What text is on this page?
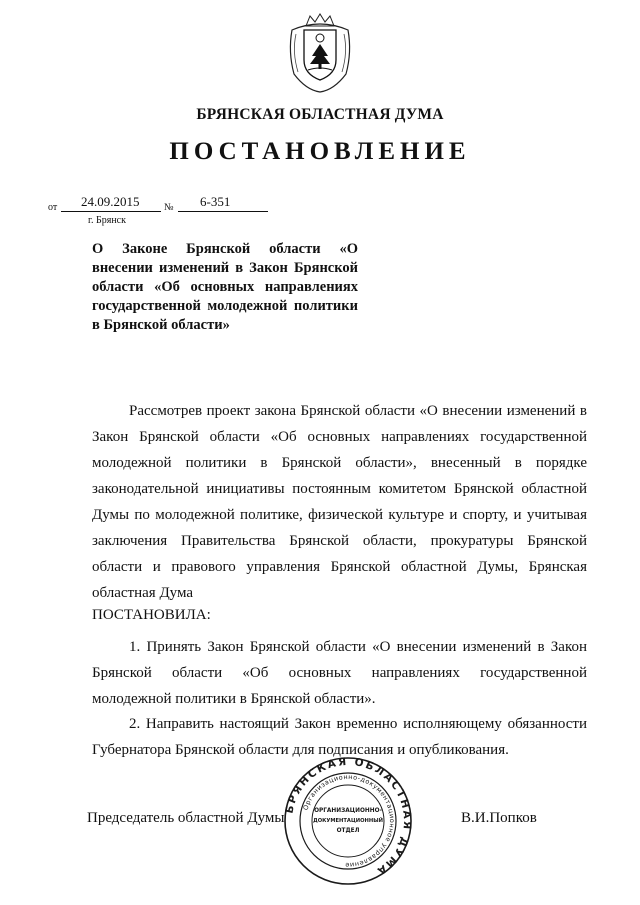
БРЯНСКАЯ ОБЛАСТНАЯ ДУМА
ПОСТАНОВЛЕНИЕ
от 24.09.2015 № 6-351
г. Брянск
О Законе Брянской области «О внесении изменений в Закон Брянской области «Об основных направлениях государственной молодежной политики в Брянской области»
Рассмотрев проект закона Брянской области «О внесении изменений в Закон Брянской области «Об основных направлениях государственной молодежной политики в Брянской области», внесенный в порядке законодательной инициативы постоянным комитетом Брянской областной Думы по молодежной политике, физической культуре и спорту, и учитывая заключения Правительства Брянской области, прокуратуры Брянской области и правового управления Брянской областной Думы, Брянская областная Дума
ПОСТАНОВИЛА:
1. Принять Закон Брянской области «О внесении изменений в Закон Брянской области «Об основных направлениях государственной молодежной политики в Брянской области».
2. Направить настоящий Закон временно исполняющему обязанности Губернатора Брянской области для подписания и опубликования.
Председатель областной Думы
БРЯНСКАЯ ОБЛАСТНАЯ ДУМА
Организационно-документационное управление
ОРГАНИЗАЦИОННО-
ДОКУМЕНТАЦИОННЫЙ
ОТДЕЛ
В.И.Попков
